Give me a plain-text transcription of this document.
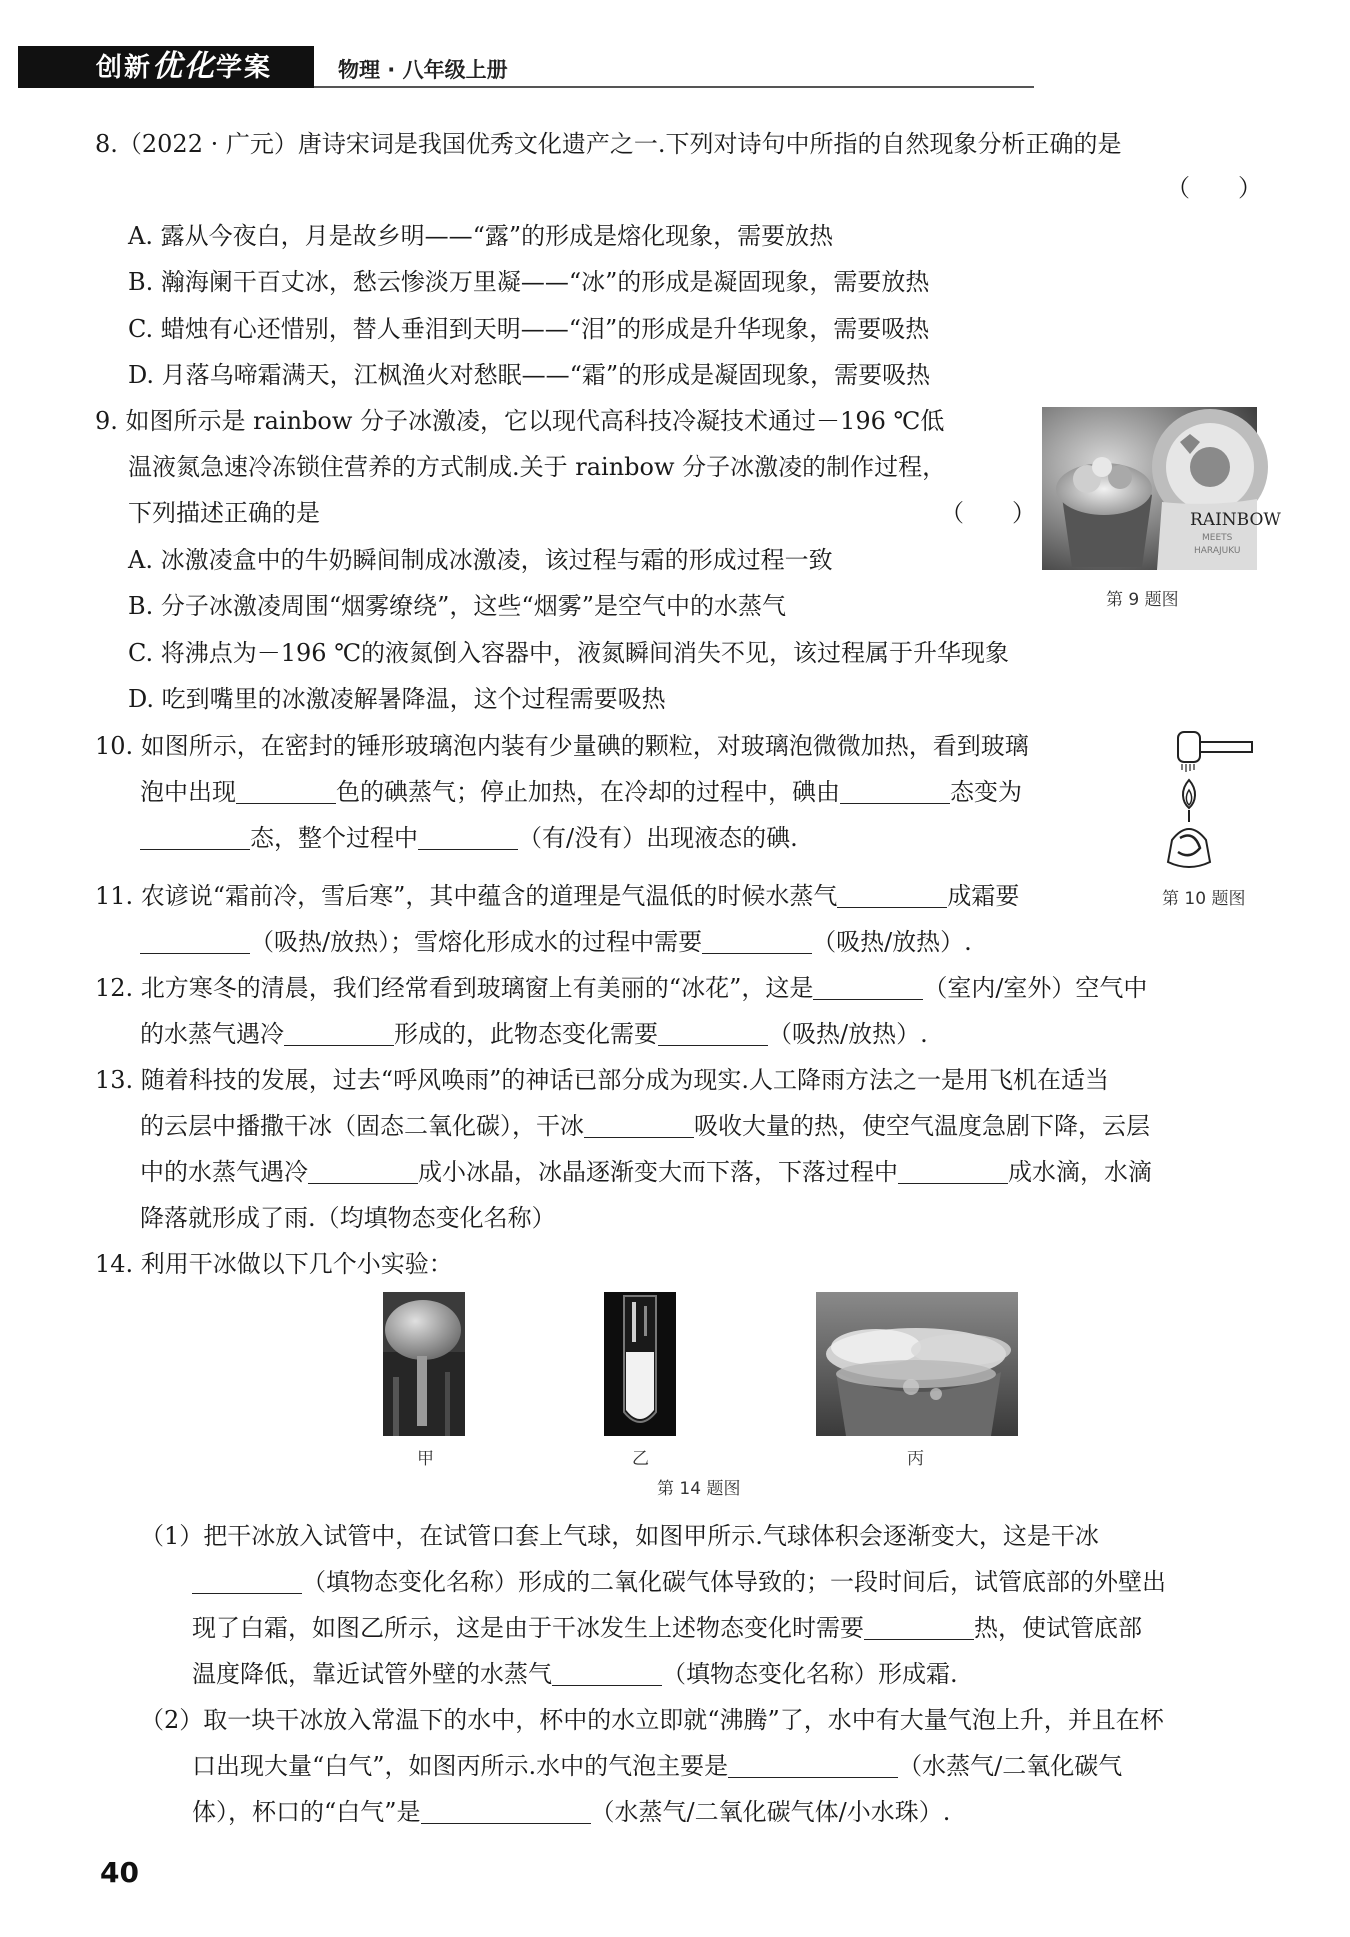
创新优化学案	物理 · 八年级上册
8.（2022 · 广元）唐诗宋词是我国优秀文化遗产之一.下列对诗句中所指的自然现象分析正确的是
（　　）
A. 露从今夜白，月是故乡明——“露”的形成是熔化现象，需要放热
B. 瀚海阑干百丈冰，愁云惨淡万里凝——“冰”的形成是凝固现象，需要放热
C. 蜡烛有心还惜别，替人垂泪到天明——“泪”的形成是升华现象，需要吸热
D. 月落乌啼霜满天，江枫渔火对愁眠——“霜”的形成是凝固现象，需要吸热
9. 如图所示是 rainbow 分子冰激凌，它以现代高科技冷凝技术通过－196 ℃低
温液氮急速冷冻锁住营养的方式制成.关于 rainbow 分子冰激凌的制作过程，
下列描述正确的是	（　　）
A. 冰激凌盒中的牛奶瞬间制成冰激凌，该过程与霜的形成过程一致
B. 分子冰激凌周围“烟雾缭绕”，这些“烟雾”是空气中的水蒸气
C. 将沸点为－196 ℃的液氮倒入容器中，液氮瞬间消失不见，该过程属于升华现象
D. 吃到嘴里的冰激凌解暑降温，这个过程需要吸热
RAINBOW
MEETS
HARAJUKU
第 9 题图
10. 如图所示，在密封的锤形玻璃泡内装有少量碘的颗粒，对玻璃泡微微加热，看到玻璃
泡中出现	色的碘蒸气；停止加热，在冷却的过程中，碘由	态变为
态，整个过程中	（有/没有）出现液态的碘.
第 10 题图
11. 农谚说“霜前冷，雪后寒”，其中蕴含的道理是气温低的时候水蒸气	成霜要
（吸热/放热）；雪熔化形成水的过程中需要	（吸热/放热）.
12. 北方寒冬的清晨，我们经常看到玻璃窗上有美丽的“冰花”，这是	（室内/室外）空气中
的水蒸气遇冷	形成的，此物态变化需要	（吸热/放热）.
13. 随着科技的发展，过去“呼风唤雨”的神话已部分成为现实.人工降雨方法之一是用飞机在适当
的云层中播撒干冰（固态二氧化碳），干冰	吸收大量的热，使空气温度急剧下降，云层
中的水蒸气遇冷	成小冰晶，冰晶逐渐变大而下落，下落过程中	成水滴，水滴
降落就形成了雨.（均填物态变化名称）
14. 利用干冰做以下几个小实验：
甲	乙	丙
第 14 题图
（1）把干冰放入试管中，在试管口套上气球，如图甲所示.气球体积会逐渐变大，这是干冰
（填物态变化名称）形成的二氧化碳气体导致的；一段时间后，试管底部的外壁出
现了白霜，如图乙所示，这是由于干冰发生上述物态变化时需要	热，使试管底部
温度降低，靠近试管外壁的水蒸气	（填物态变化名称）形成霜.
（2）取一块干冰放入常温下的水中，杯中的水立即就“沸腾”了，水中有大量气泡上升，并且在杯
口出现大量“白气”，如图丙所示.水中的气泡主要是	（水蒸气/二氧化碳气
体），杯口的“白气”是	（水蒸气/二氧化碳气体/小水珠）.
40
